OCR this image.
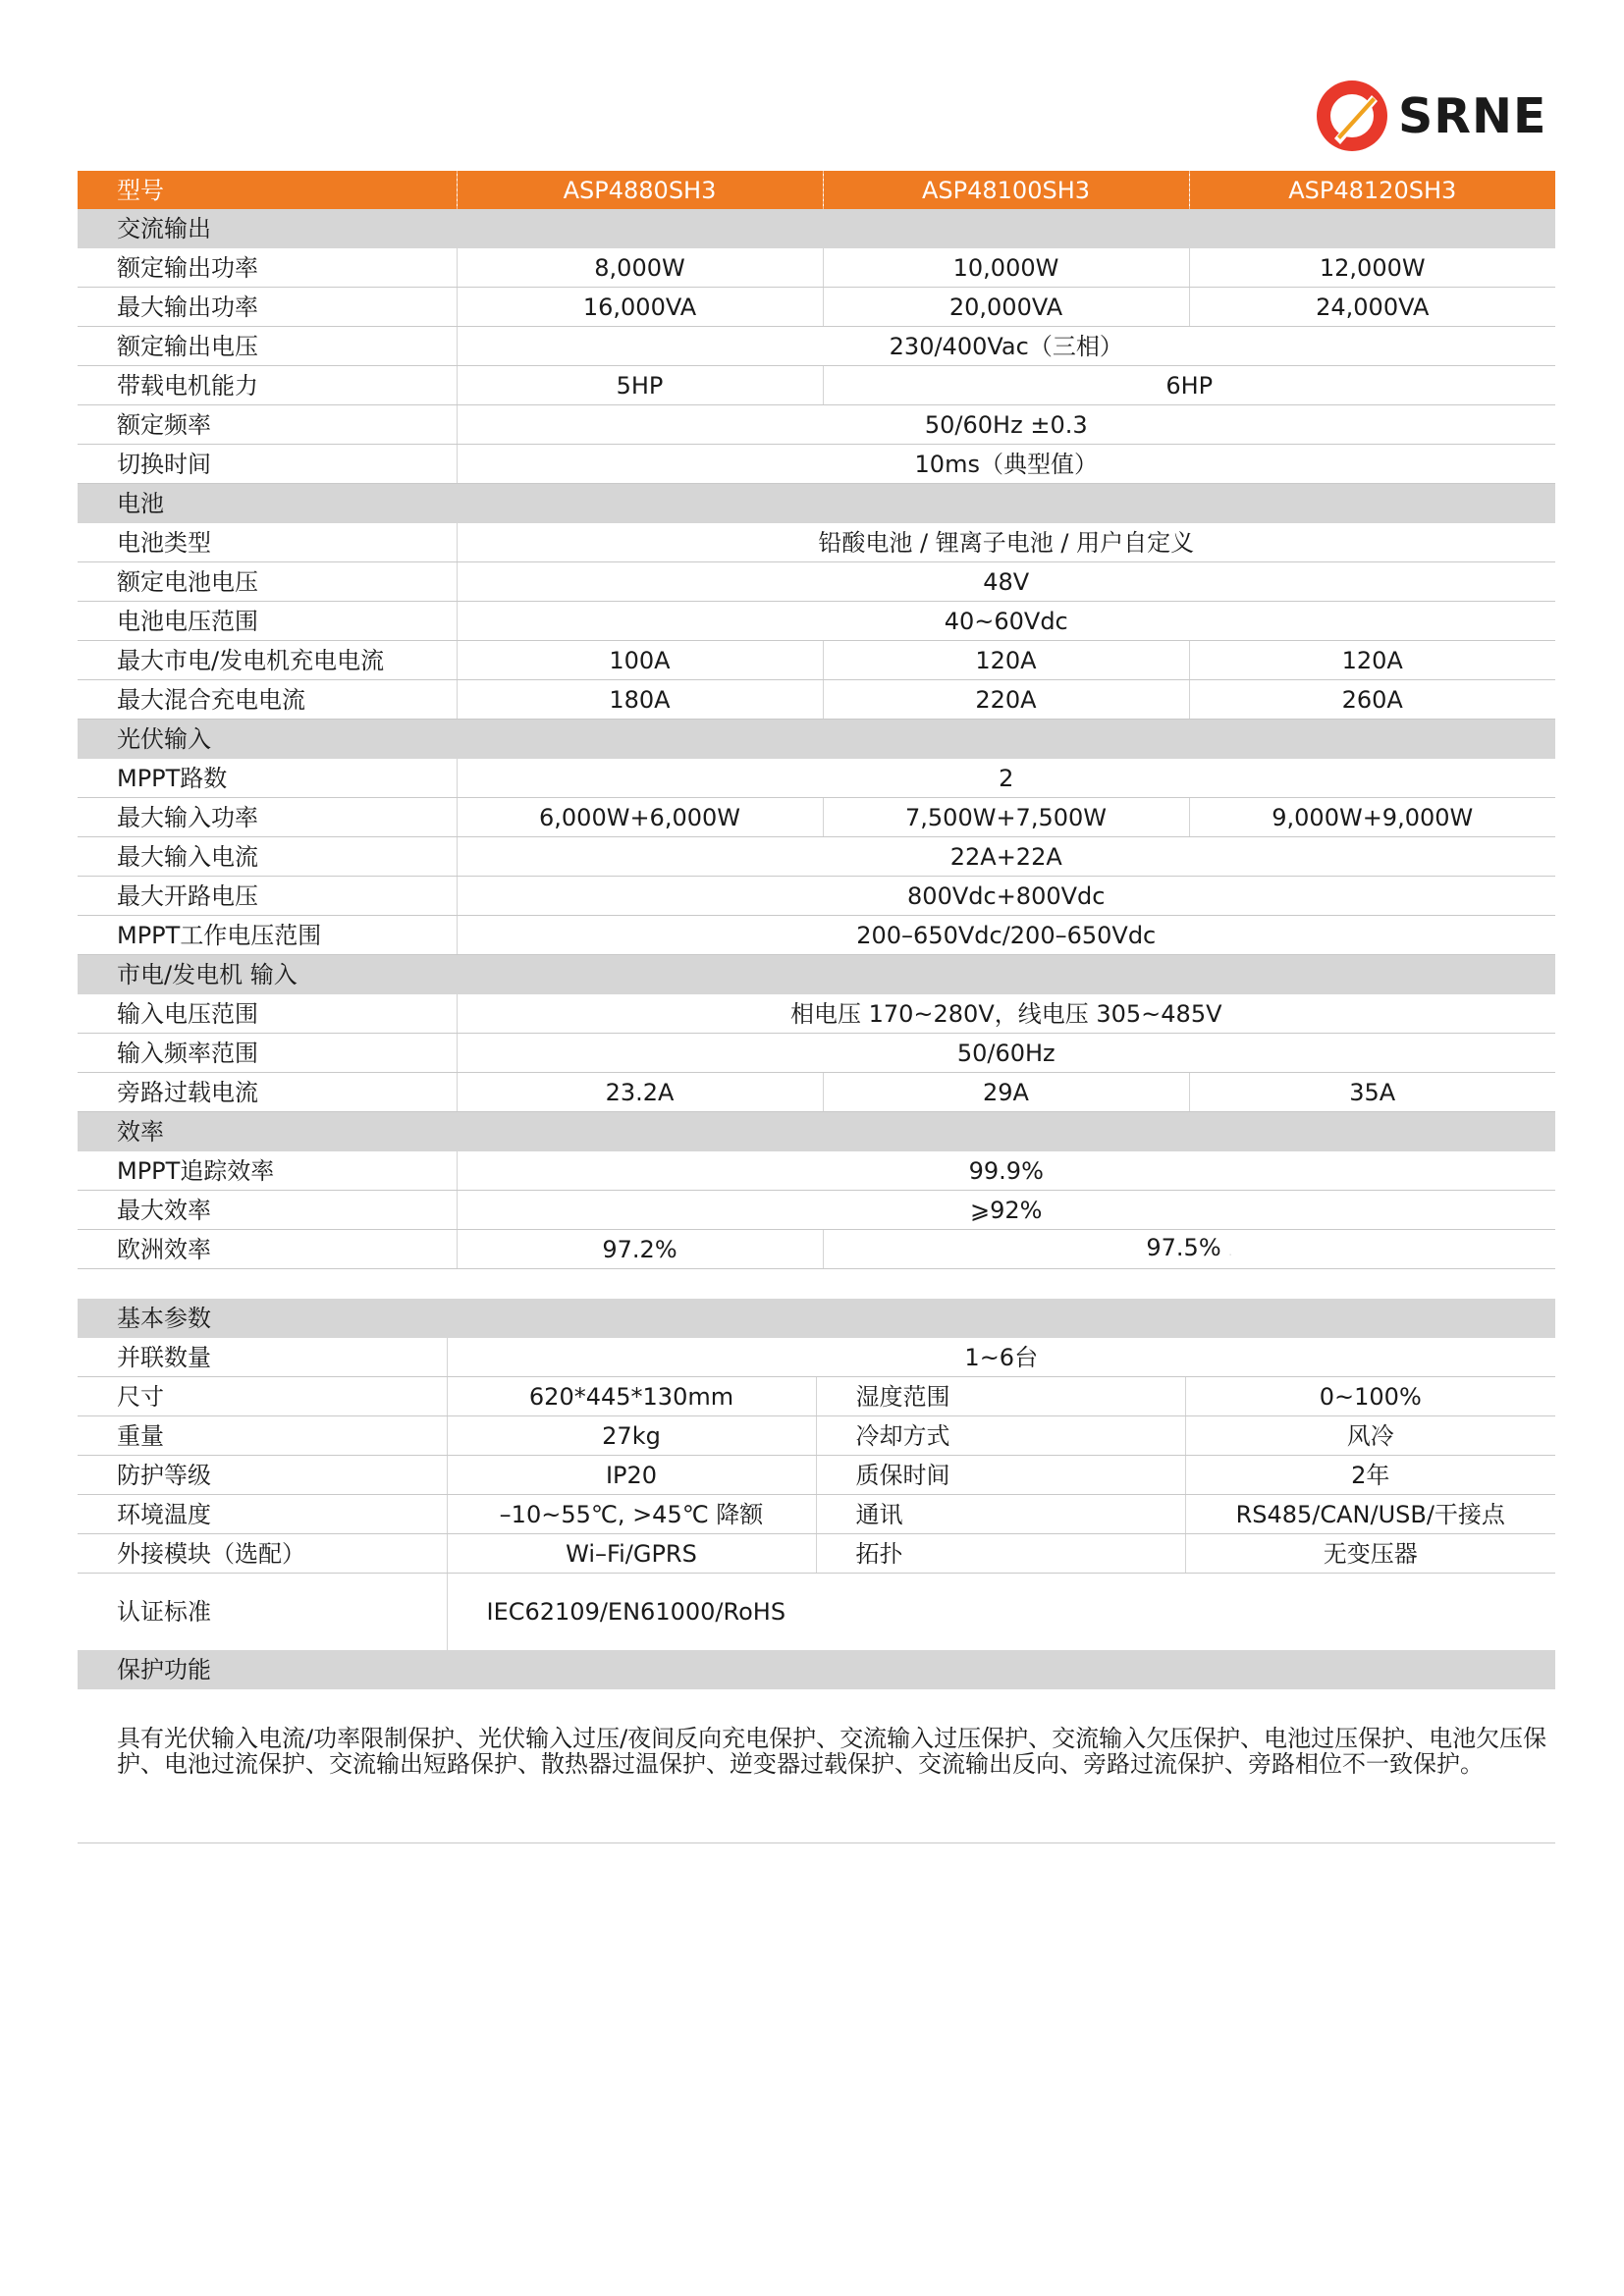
SRNE
型号	ASP4880SH3	ASP48100SH3	ASP48120SH3
交流输出			
额定输出功率	8,000W	10,000W	12,000W
最大输出功率	16,000VA	20,000VA	24,000VA
额定输出电压	230/400Vac（三相）		
带载电机能力	5HP	6HP	
额定频率	50/60Hz ±0.3		
切换时间	10ms（典型值）		
电池			
电池类型	铅酸电池 / 锂离子电池 / 用户自定义		
额定电池电压	48V		
电池电压范围	40~60Vdc		
最大市电/发电机充电电流	100A	120A	120A
最大混合充电电流	180A	220A	260A
光伏输入			
MPPT路数	2		
最大输入功率	6,000W+6,000W	7,500W+7,500W	9,000W+9,000W
最大输入电流	22A+22A		
最大开路电压	800Vdc+800Vdc		
MPPT工作电压范围	200–650Vdc/200–650Vdc		
市电/发电机 输入			
输入电压范围	相电压 170~280V，线电压 305~485V		
输入频率范围	50/60Hz		
旁路过载电流	23.2A	29A	35A
效率			
MPPT追踪效率	99.9%		
最大效率	⩾92%		
欧洲效率	97.2%	97.5% .	
基本参数			
并联数量	1~6台		
尺寸	620*445*130mm	湿度范围	0~100%
重量	27kg	冷却方式	风冷
防护等级	IP20	质保时间	2年
环境温度	–10~55℃, >45℃ 降额	通讯	RS485/CAN/USB/干接点
外接模块（选配）	Wi–Fi/GPRS	拓扑	无变压器
认证标准	IEC62109/EN61000/RoHS		
保护功能			
具有光伏输入电流/功率限制保护、光伏输入过压/夜间反向充电保护、交流输入过压保护、交流输入欠压保护、电池过压保护、电池欠压保护、电池过流保护、交流输出短路保护、散热器过温保护、逆变器过载保护、交流输出反向、旁路过流保护、旁路相位不一致保护。
